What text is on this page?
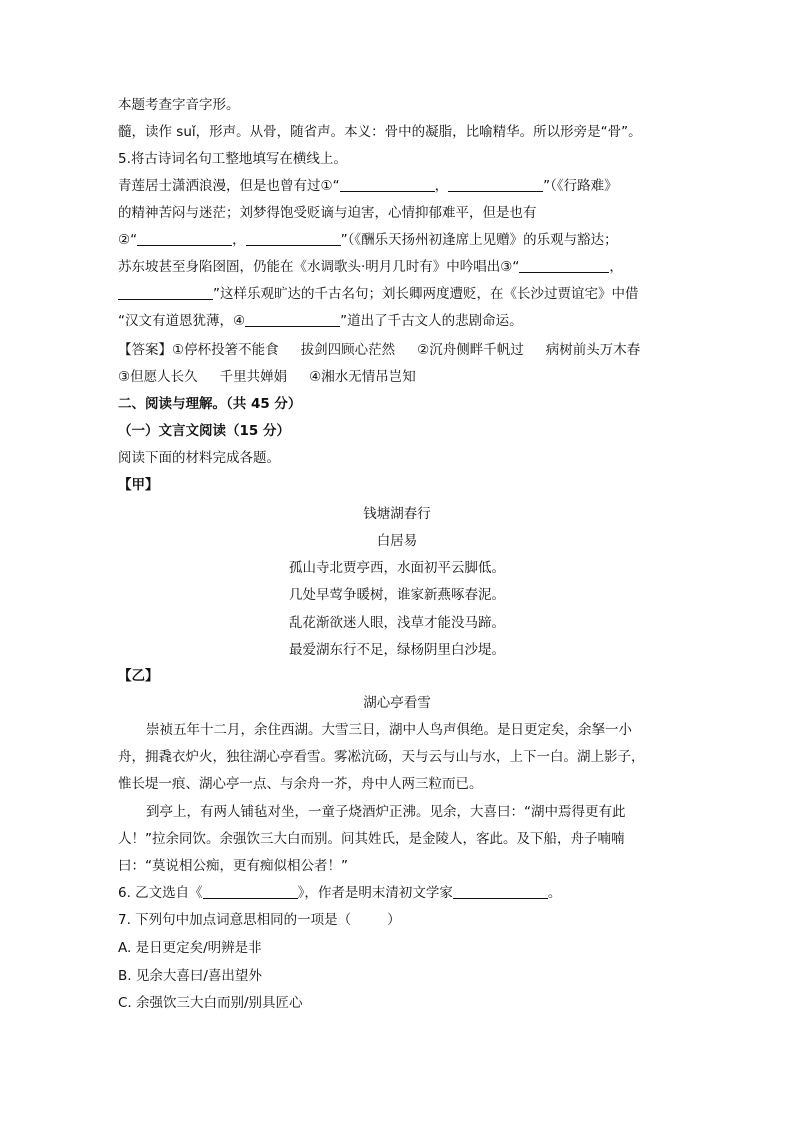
本题考查字音字形。
髓，读作 suǐ，形声。从骨，随省声。本义：骨中的凝脂，比喻精华。所以形旁是“骨”。
5.将古诗词名句工整地填写在横线上。
青莲居士潇洒浪漫，但是也曾有过①“	，	”（《行路难》
的精神苦闷与迷茫；刘梦得饱受贬谪与迫害，心情抑郁难平，但是也有
②“	，	”（《酬乐天扬州初逢席上见赠》的乐观与豁达；
苏东坡甚至身陷囹圄，仍能在《水调歌头·明月几时有》中吟唱出③“	，
”这样乐观旷达的千古名句；刘长卿两度遭贬，在《长沙过贾谊宅》中借
“汉文有道恩犹薄，④	”道出了千古文人的悲剧命运。
【答案】①停杯投箸不能食 拔剑四顾心茫然 ②沉舟侧畔千帆过 病树前头万木春
③但愿人长久 千里共婵娟 ④湘水无情吊岂知
二、阅读与理解。（共 45 分）
（一）文言文阅读（15 分）
阅读下面的材料完成各题。
【甲】
钱塘湖春行
白居易
孤山寺北贾亭西，水面初平云脚低。
几处早莺争暖树，谁家新燕啄春泥。
乱花渐欲迷人眼，浅草才能没马蹄。
最爱湖东行不足，绿杨阴里白沙堤。
【乙】
湖心亭看雪
崇祯五年十二月，余住西湖。大雪三日，湖中人鸟声俱绝。是日更定矣，余拏一小
舟，拥毳衣炉火，独往湖心亭看雪。雾凇沆砀，天与云与山与水，上下一白。湖上影子，
惟长堤一痕、湖心亭一点、与余舟一芥，舟中人两三粒而已。
到亭上，有两人铺毡对坐，一童子烧酒炉正沸。见余，大喜曰：“湖中焉得更有此
人！”拉余同饮。余强饮三大白而别。问其姓氏，是金陵人，客此。及下船，舟子喃喃
曰：“莫说相公痴，更有痴似相公者！”
6. 乙文选自《	》，作者是明末清初文学家	。
7. 下列句中加点词意思相同的一项是（	）
A. 是日更定矣/明辨是非
B. 见余大喜曰/喜出望外
C. 余强饮三大白而别/别具匠心
